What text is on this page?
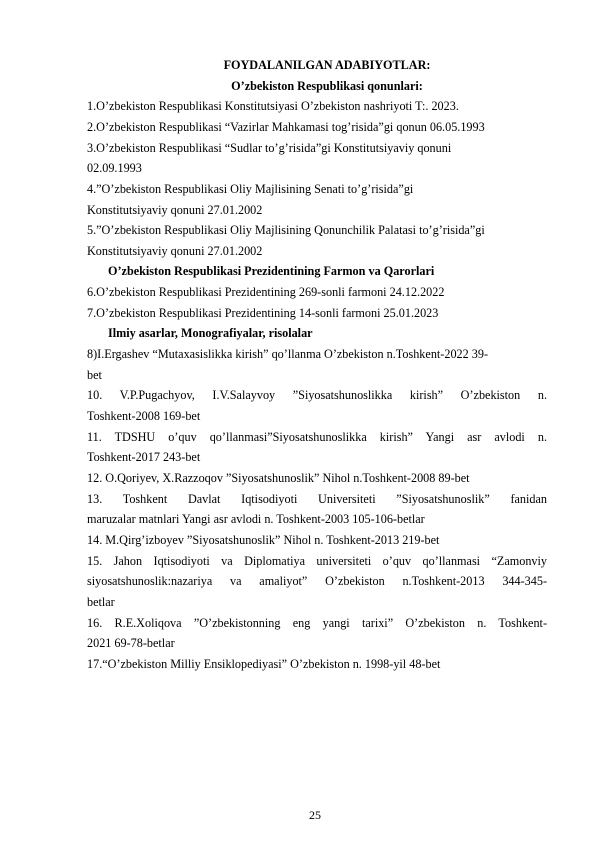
FOYDALANILGAN ADABIYOTLAR:
O’zbekiston Respublikasi qonunlari:
1.O’zbekiston Respublikasi Konstitutsiyasi O’zbekiston nashriyoti T:. 2023.
2.O’zbekiston Respublikasi “Vazirlar Mahkamasi tog’risida”gi qonun 06.05.1993
3.O’zbekiston Respublikasi “Sudlar to’g’risida”gi Konstitutsiyaviy qonuni
02.09.1993
4.”O’zbekiston Respublikasi Oliy Majlisining Senati to’g’risida”gi
Konstitutsiyaviy qonuni 27.01.2002
5.”O’zbekiston Respublikasi Oliy Majlisining Qonunchilik Palatasi to’g’risida”gi
Konstitutsiyaviy qonuni 27.01.2002
O’zbekiston Respublikasi Prezidentining Farmon va Qarorlari
6.O’zbekiston Respublikasi Prezidentining 269-sonli farmoni 24.12.2022
7.O’zbekiston Respublikasi Prezidentining 14-sonli farmoni 25.01.2023
Ilmiy asarlar, Monografiyalar, risolalar
8)I.Ergashev “Mutaxasislikka kirish” qo’llanma O’zbekiston n.Toshkent-2022 39-
bet
10. V.P.Pugachyov, I.V.Salayvoy ”Siyosatshunoslikka kirish” O’zbekiston n.
Toshkent-2008 169-bet
11. TDSHU o’quv qo’llanmasi”Siyosatshunoslikka kirish” Yangi asr avlodi n.
Toshkent-2017 243-bet
12. O.Qoriyev, X.Razzoqov ”Siyosatshunoslik” Nihol n.Toshkent-2008 89-bet
13. Toshkent Davlat Iqtisodiyoti Universiteti ”Siyosatshunoslik” fanidan
maruzalar matnlari Yangi asr avlodi n. Toshkent-2003 105-106-betlar
14. M.Qirg’izboyev ”Siyosatshunoslik” Nihol n. Toshkent-2013 219-bet
15. Jahon Iqtisodiyoti va Diplomatiya universiteti o’quv qo’llanmasi “Zamonviy
siyosatshunoslik:nazariya va amaliyot” O’zbekiston n.Toshkent-2013 344-345-
betlar
16. R.E.Xoliqova ”O’zbekistonning eng yangi tarixi” O’zbekiston n. Toshkent-
2021 69-78-betlar
17.“O’zbekiston Milliy Ensiklopediyasi” O’zbekiston n. 1998-yil 48-bet
25
